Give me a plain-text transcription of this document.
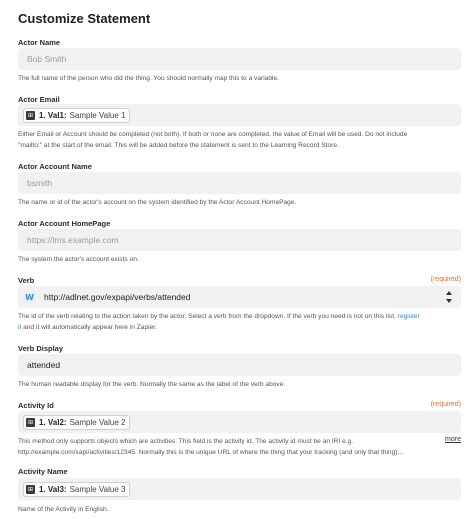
Customize Statement
Actor Name
Bob Smith
The full name of the person who did the thing. You should normally map this to a variable.
Actor Email
⊞ 1. Val1: Sample Value 1
Either Email or Account should be completed (not both). If both or none are completed, the value of Email will be used. Do not include
"mailto:" at the start of the email. This will be added before the statement is sent to the Learning Record Store.
Actor Account Name
bsmith
The name or id of the actor's account on the system identified by the Actor Account HomePage.
Actor Account HomePage
https://lms.example.com
The system the actor's account exists on.
Verb	(required)
W http://adlnet.gov/expapi/verbs/attended
The id of the verb relating to the action taken by the actor. Select a verb from the dropdown. If the verb you need is not on this list, register
it and it will automatically appear here in Zapier.
Verb Display
attended
The human readable display for the verb. Normally the same as the label of the verb above.
Activity Id	(required)
⊞ 1. Val2: Sample Value 2
This method only supports objects which are activities. This field is the activity id. The activity id must be an IRI e.g.	more
http://example.com/xapi/activities/12345. Normally this is the unique URL of where the thing that your tracking (and only that thing)...
Activity Name
⊞ 1. Val3: Sample Value 3
Name of the Activity in English.
